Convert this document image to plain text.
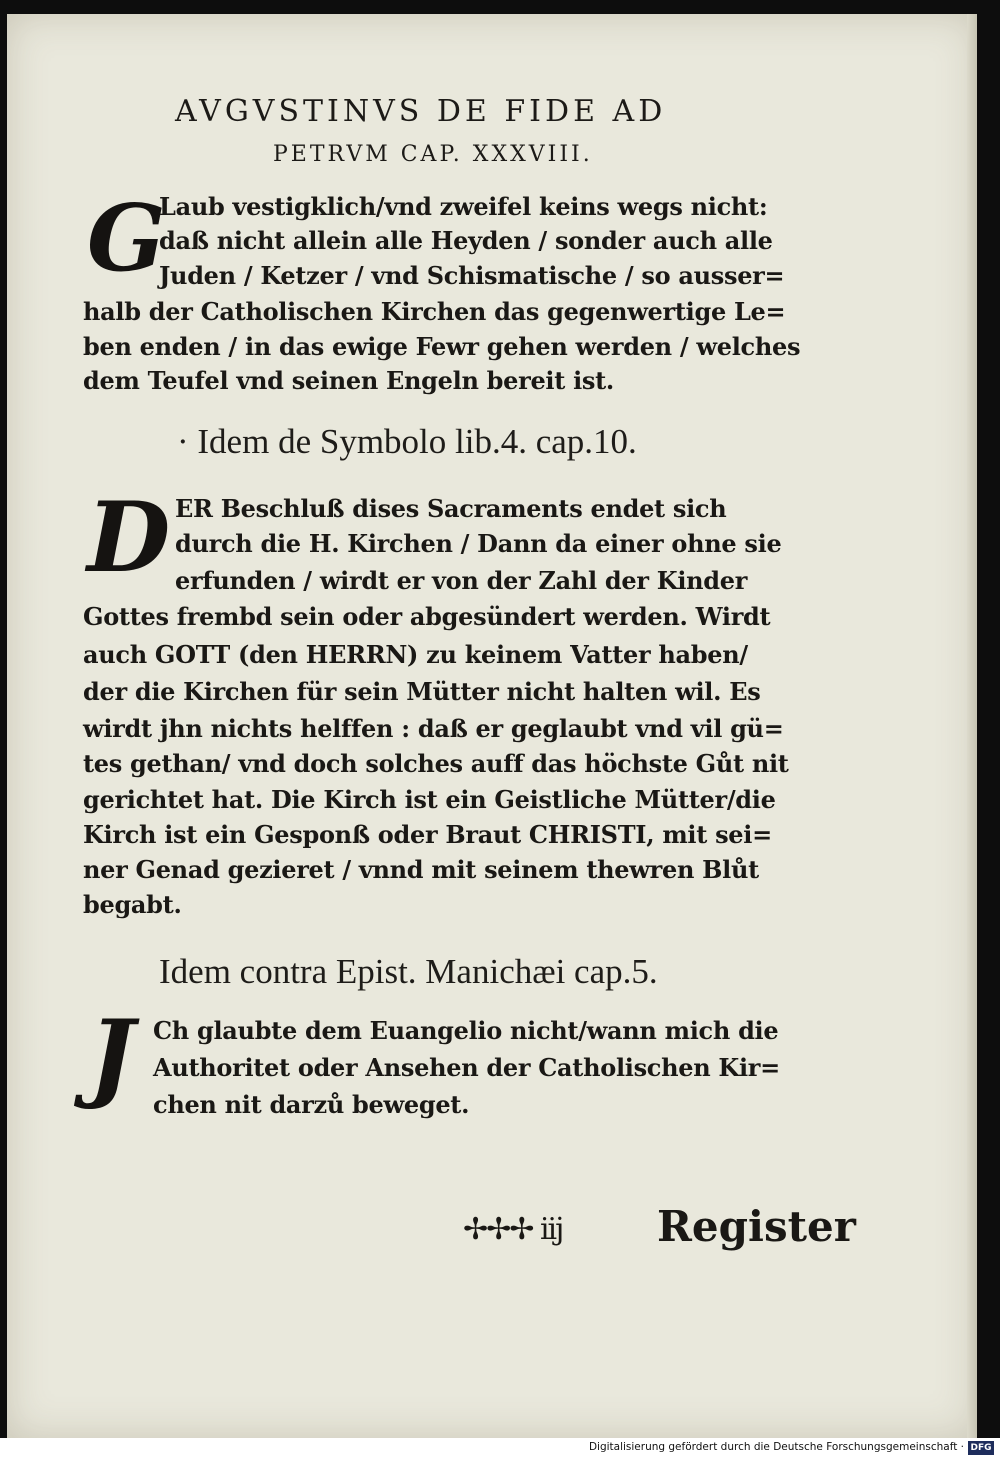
AVGVSTINVS DE FIDE AD
PETRVM CAP. XXXVIII.
G
Laub vestigklich/vnd zweifel keins wegs nicht:
daß nicht allein alle Heyden / sonder auch alle
Juden / Ketzer / vnd Schismatische / so ausser=
halb der Catholischen Kirchen das gegenwertige Le=
ben enden / in das ewige Fewr gehen werden / welches
dem Teufel vnd seinen Engeln bereit ist.
· Idem de Symbolo lib.4. cap.10.
D ER Beschluß dises Sacraments endet sich
durch die H. Kirchen / Dann da einer ohne sie
erfunden / wirdt er von der Zahl der Kinder
Gottes frembd sein oder abgesündert werden. Wirdt
auch GOTT (den HERRN) zu keinem Vatter haben/
der die Kirchen für sein Mütter nicht halten wil. Es
wirdt jhn nichts helffen : daß er geglaubt vnd vil gü=
tes gethan/ vnd doch solches auff das höchste Gůt nit
gerichtet hat. Die Kirch ist ein Geistliche Mütter/die
Kirch ist ein Gesponß oder Braut CHRISTI, mit sei=
ner Genad gezieret / vnnd mit seinem thewren Blůt
begabt.
Idem contra Epist. Manichæi cap.5.
J Ch glaubte dem Euangelio nicht/wann mich die
Authoritet oder Ansehen der Catholischen Kir=
chen nit darzů beweget.
✢✢✢ iij Register
Digitalisierung gefördert durch die Deutsche Forschungsgemeinschaft · DFG
